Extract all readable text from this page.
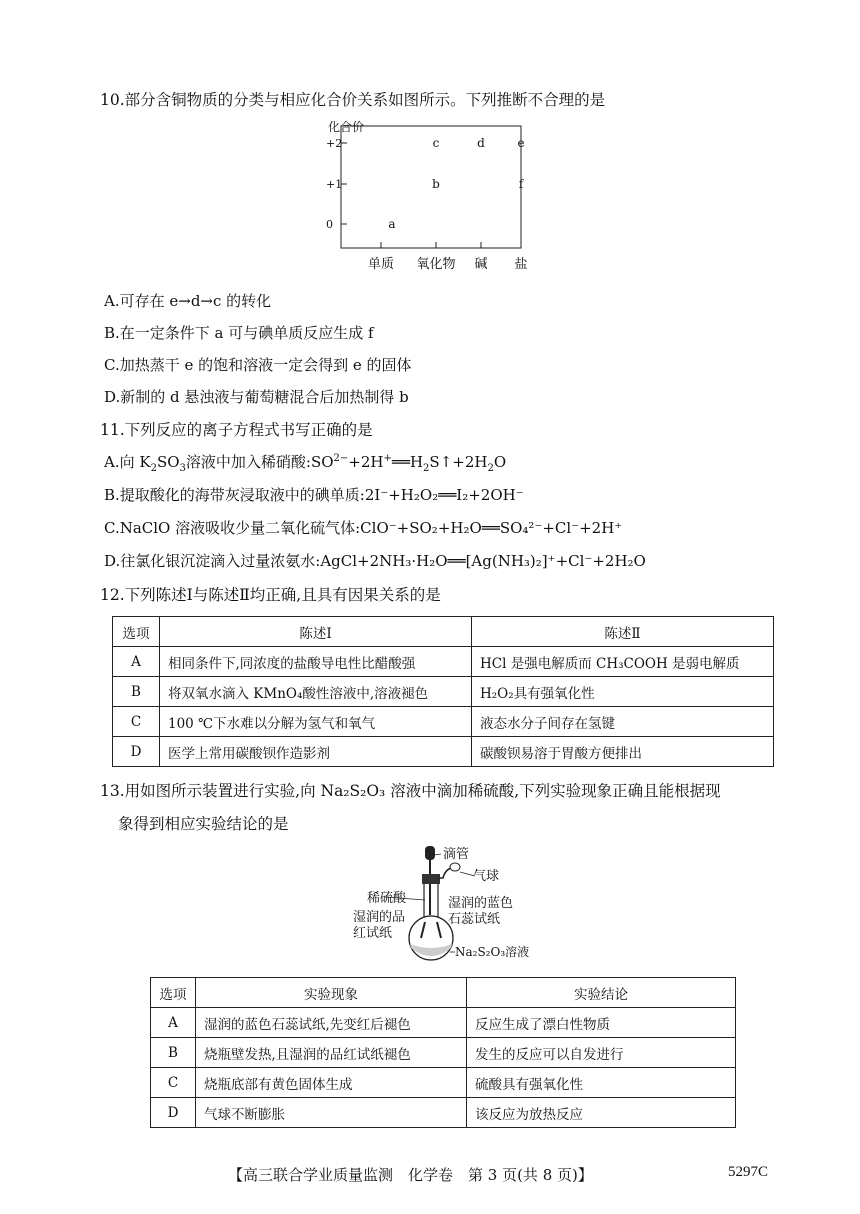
10.部分含铜物质的分类与相应化合价关系如图所示。下列推断不合理的是
化合价
+2
+1
0
单质 氧化物 碱 盐
a
b
c	d	e
f
A.可存在 e→d→c 的转化
B.在一定条件下 a 可与碘单质反应生成 f
C.加热蒸干 e 的饱和溶液一定会得到 e 的固体
D.新制的 d 悬浊液与葡萄糖混合后加热制得 b
11.下列反应的离子方程式书写正确的是
A.向 $K_2SO_3$溶液中加入稀硝酸$:SO^{2-}+2H^+══H_2S↑+2H_2O$
B.提取酸化的海带灰浸取液中的碘单质:2I⁻+H₂O₂══I₂+2OH⁻
C.NaClO 溶液吸收少量二氧化硫气体:ClO⁻+SO₂+H₂O══SO₄²⁻+Cl⁻+2H⁺
D.往氯化银沉淀滴入过量浓氨水:AgCl+2NH₃·H₂O══[Ag(NH₃)₂]⁺+Cl⁻+2H₂O
12.下列陈述Ⅰ与陈述Ⅱ均正确,且具有因果关系的是
选项	陈述Ⅰ	陈述Ⅱ
A	相同条件下,同浓度的盐酸导电性比醋酸强	HCl 是强电解质而 CH₃COOH 是弱电解质
B	将双氧水滴入 KMnO₄酸性溶液中,溶液褪色	H₂O₂具有强氧化性
C	100 ℃下水难以分解为氢气和氧气	液态水分子间存在氢键
D	医学上常用碳酸钡作造影剂	碳酸钡易溶于胃酸方便排出
13.用如图所示装置进行实验,向 Na₂S₂O₃ 溶液中滴加稀硫酸,下列实验现象正确且能根据现
象得到相应实验结论的是
滴管
气球
稀硫酸
湿润的品
红试纸
湿润的蓝色
石蕊试纸
Na₂S₂O₃溶液
选项	实验现象	实验结论
A	湿润的蓝色石蕊试纸,先变红后褪色	反应生成了漂白性物质
B	烧瓶壁发热,且湿润的品红试纸褪色	发生的反应可以自发进行
C	烧瓶底部有黄色固体生成	硫酸具有强氧化性
D	气球不断膨胀	该反应为放热反应
【高三联合学业质量监测　化学卷　第 3 页(共 8 页)】	5297C
